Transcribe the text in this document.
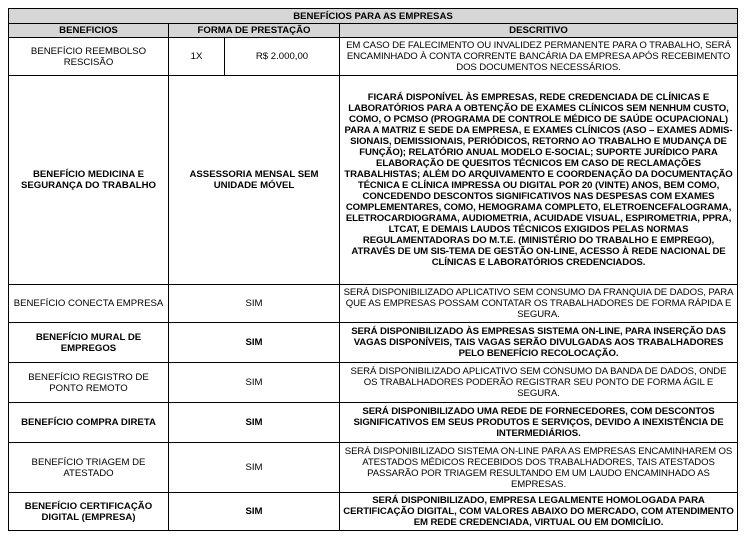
BENEFÍCIOS PARA AS EMPRESAS			
BENEFICIOS	FORMA DE PRESTAÇÃO		DESCRITIVO
BENEFÍCIO REEMBOLSO RESCISÃO	1X	R$ 2.000,00	EM CASO DE FALECIMENTO OU INVALIDEZ PERMANENTE PARA O TRABALHO, SERÁ ENCAMINHADO À CONTA CORRENTE BANCÁRIA DA EMPRESA APÓS RECEBIMENTO DOS DOCUMENTOS NECESSÁRIOS.
BENEFÍCIO MEDICINA E SEGURANÇA DO TRABALHO	ASSESSORIA MENSAL SEM UNIDADE MÓVEL		FICARÁ DISPONÍVEL ÀS EMPRESAS, REDE CREDENCIADA DE CLÍNICAS E LABORATÓRIOS PARA A OBTENÇÃO DE EXAMES CLÍNICOS SEM NENHUM CUSTO, COMO, O PCMSO (PROGRAMA DE CONTROLE MÉDICO DE SAÚDE OCUPACIONAL) PARA A MATRIZ E SEDE DA EMPRESA, E EXAMES CLÍNICOS (ASO – EXAMES ADMIS-SIONAIS, DEMISSIONAIS, PERIÓDICOS, RETORNO AO TRABALHO E MUDANÇA DE FUNÇÃO); RELATÓRIO ANUAL MODELO E-SOCIAL; SUPORTE JURÍDICO PARA ELABORAÇÃO DE QUESITOS TÉCNICOS EM CASO DE RECLAMAÇÕES TRABALHISTAS; ALÉM DO ARQUIVAMENTO E COORDENAÇÃO DA DOCUMENTAÇÃO TÉCNICA E CLÍNICA IMPRESSA OU DIGITAL POR 20 (VINTE) ANOS, BEM COMO, CONCEDENDO DESCONTOS SIGNIFICATIVOS NAS DESPESAS COM EXAMES COMPLEMENTARES, COMO, HEMOGRAMA COMPLETO, ELETROENCEFALOGRAMA, ELETROCARDIOGRAMA, AUDIOMETRIA, ACUIDADE VISUAL, ESPIROMETRIA, PPRA, LTCAT, E DEMAIS LAUDOS TÉCNICOS EXIGIDOS PELAS NORMAS REGULAMENTADORAS DO M.T.E. (MINISTÉRIO DO TRABALHO E EMPREGO), ATRAVÉS DE UM SIS-TEMA DE GESTÃO ON-LINE, ACESSO À REDE NACIONAL DE CLÍNICAS E LABORATÓRIOS CREDENCIADOS.
BENEFÍCIO CONECTA EMPRESA	SIM		SERÁ DISPONIBILIZADO APLICATIVO SEM CONSUMO DA FRANQUIA DE DADOS, PARA QUE AS EMPRESAS POSSAM CONTATAR OS TRABALHADORES DE FORMA RÁPIDA E SEGURA.
BENEFÍCIO MURAL DE EMPREGOS	SIM		SERÁ DISPONIBILIZADO ÀS EMPRESAS SISTEMA ON-LINE, PARA INSERÇÃO DAS VAGAS DISPONÍVEIS, TAIS VAGAS SERÃO DIVULGADAS AOS TRABALHADORES PELO BENEFÍCIO RECOLOCAÇÃO.
BENEFÍCIO REGISTRO DE PONTO REMOTO	SIM		SERÁ DISPONIBILIZADO APLICATIVO SEM CONSUMO DA BANDA DE DADOS, ONDE OS TRABALHADORES PODERÃO REGISTRAR SEU PONTO DE FORMA ÁGIL E SEGURA.
BENEFÍCIO COMPRA DIRETA	SIM		SERÁ DISPONIBILIZADO UMA REDE DE FORNECEDORES, COM DESCONTOS SIGNIFICATIVOS EM SEUS PRODUTOS E SERVIÇOS, DEVIDO A INEXISTÊNCIA DE INTERMEDIÁRIOS.
BENEFÍCIO TRIAGEM DE ATESTADO	SIM		SERÁ DISPONIBILIZADO SISTEMA ON-LINE PARA AS EMPRESAS ENCAMINHAREM OS ATESTADOS MÉDICOS RECEBIDOS DOS TRABALHADORES, TAIS ATESTADOS PASSARÃO POR TRIAGEM RESULTANDO EM UM LAUDO ENCAMINHADO AS EMPRESAS.
BENEFÍCIO CERTIFICAÇÃO DIGITAL (EMPRESA)	SIM		SERÁ DISPONIBILIZADO, EMPRESA LEGALMENTE HOMOLOGADA PARA CERTIFICAÇÃO DIGITAL, COM VALORES ABAIXO DO MERCADO, COM ATENDIMENTO EM REDE CREDENCIADA, VIRTUAL OU EM DOMICÍLIO.
